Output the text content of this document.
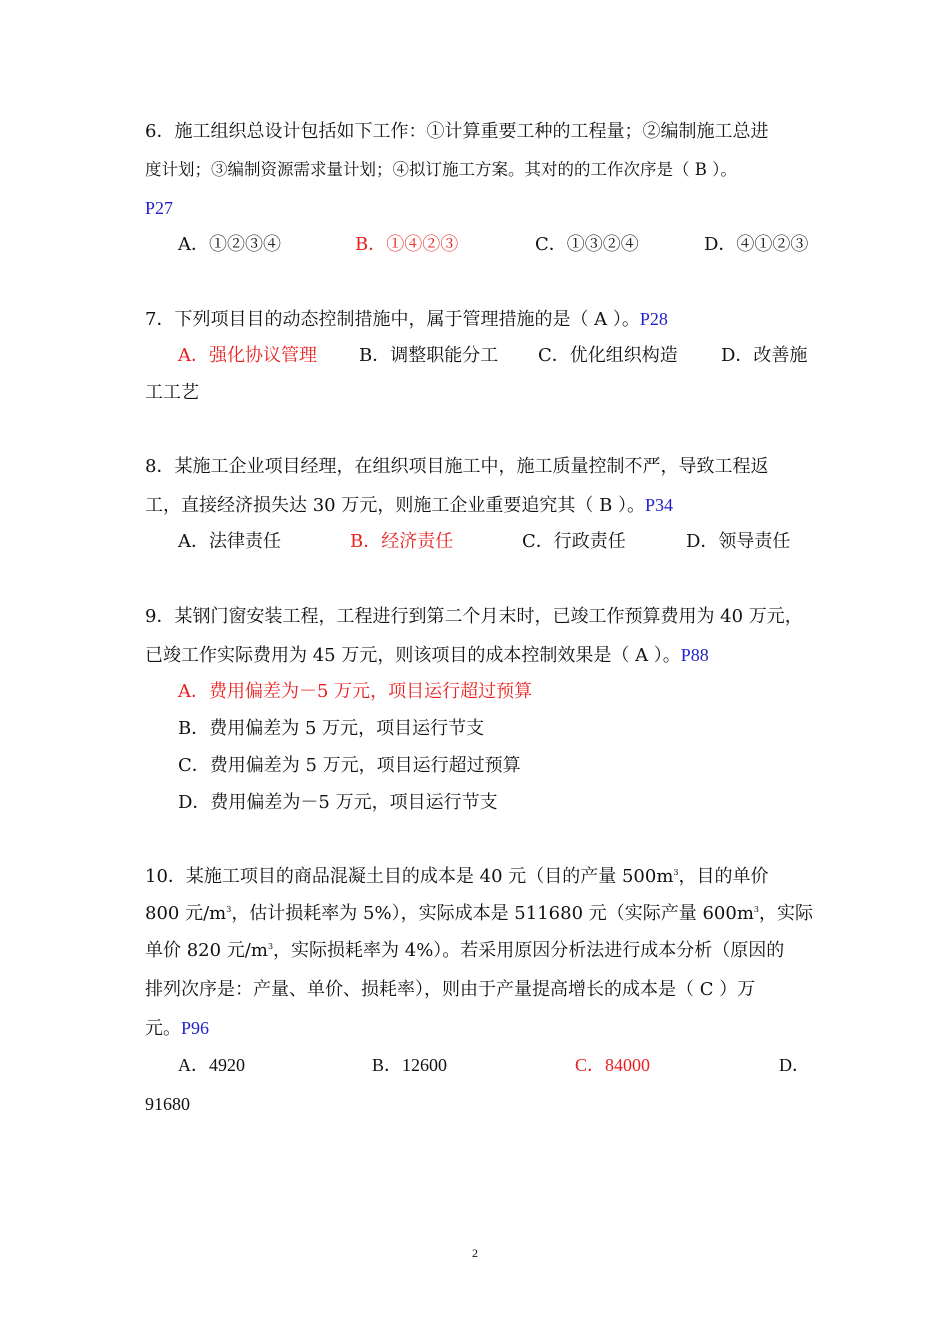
6．施工组织总设计包括如下工作：①计算重要工种的工程量；②编制施工总进
度计划；③编制资源需求量计划；④拟订施工方案。其对的的工作次序是（ B ）。
P27
A．①②③④	B．①④②③	C．①③②④	D．④①②③
7．下列项目目的动态控制措施中，属于管理措施的是（ A ）。P28
A．强化协议管理 B．调整职能分工 C．优化组织构造 D．改善施
工工艺
8．某施工企业项目经理，在组织项目施工中，施工质量控制不严，导致工程返
工，直接经济损失达 30 万元，则施工企业重要追究其（ B ）。P34
A．法律责任	B．经济责任	C．行政责任	D．领导责任
9．某钢门窗安装工程，工程进行到第二个月末时，已竣工作预算费用为 40 万元，
已竣工作实际费用为 45 万元，则该项目的成本控制效果是（ A ）。P88
A．费用偏差为－5 万元，项目运行超过预算
B．费用偏差为 5 万元，项目运行节支
C．费用偏差为 5 万元，项目运行超过预算
D．费用偏差为－5 万元，项目运行节支
10．某施工项目的商品混凝土目的成本是 40 元（目的产量 $500m^3$，目的单价
800 元$/m^3$，估计损耗率为 5%），实际成本是 511680 元（实际产量 $600m^3$，实际
单价 820 元$/m^3$，实际损耗率为 4%）。若采用原因分析法进行成本分析（原因的
排列次序是：产量、单价、损耗率），则由于产量提高增长的成本是（ C ）万
元。P96
A．4920	B．12600	C．84000	D．
91680
2
